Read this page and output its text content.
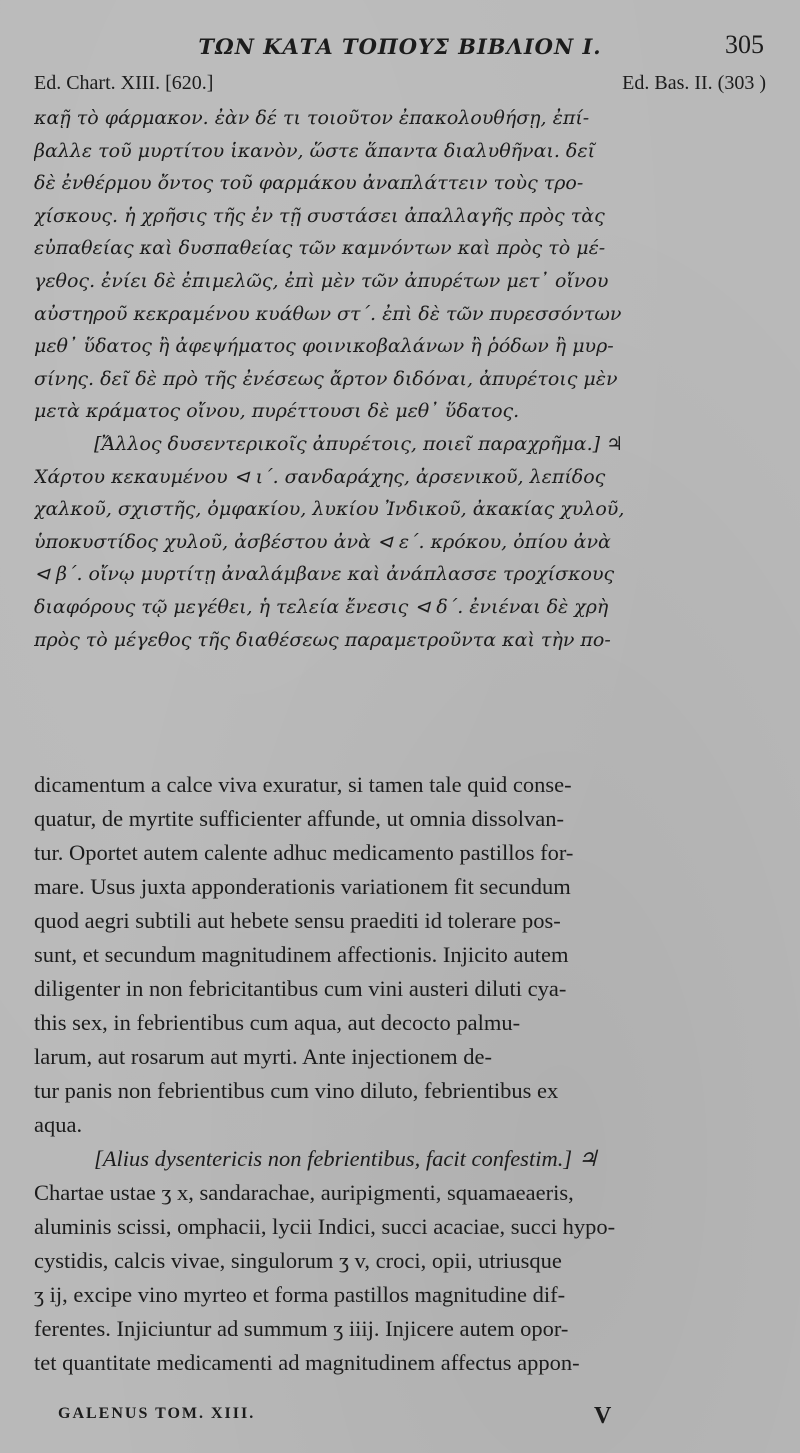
ΤΩΝ ΚΑΤΑ ΤΟΠΟΥΣ ΒΙΒΛΙΟΝ Ι.	305
Ed. Chart. XIII. [620.]	Ed. Bas. II. (303 )
καῇ τὸ φάρμακον. ἐὰν δέ τι τοιοῦτον ἐπακολουθήσῃ, ἐπί-
βαλλε τοῦ μυρτίτου ἱκανὸν, ὥστε ἅπαντα διαλυθῆναι. δεῖ
δὲ ἐνθέρμου ὄντος τοῦ φαρμάκου ἀναπλάττειν τοὺς τρο-
χίσκους. ἡ χρῆσις τῆς ἐν τῇ συστάσει ἀπαλλαγῆς πρὸς τὰς
εὐπαθείας καὶ δυσπαθείας τῶν καμνόντων καὶ πρὸς τὸ μέ-
γεθος. ἐνίει δὲ ἐπιμελῶς, ἐπὶ μὲν τῶν ἀπυρέτων μετ᾽ οἴνου
αὐστηροῦ κεκραμένου κυάθων στ΄. ἐπὶ δὲ τῶν πυρεσσόντων
μεθ᾽ ὕδατος ἢ ἀφεψήματος φοινικοβαλάνων ἢ ῥόδων ἢ μυρ-
σίνης. δεῖ δὲ πρὸ τῆς ἐνέσεως ἄρτον διδόναι, ἀπυρέτοις μὲν
μετὰ κράματος οἴνου, πυρέττουσι δὲ μεθ᾽ ὕδατος.
[Ἄλλος δυσεντερικοῖς ἀπυρέτοις, ποιεῖ παραχρῆμα.] ♃
Χάρτου κεκαυμένου ⊲ ι΄. σανδαράχης, ἀρσενικοῦ, λεπίδος
χαλκοῦ, σχιστῆς, ὀμφακίου, λυκίου Ἰνδικοῦ, ἀκακίας χυλοῦ,
ὑποκυστίδος χυλοῦ, ἀσβέστου ἀνὰ ⊲ ε΄. κρόκου, ὀπίου ἀνὰ
⊲ β΄. οἴνῳ μυρτίτῃ ἀναλάμβανε καὶ ἀνάπλασσε τροχίσκους
διαφόρους τῷ μεγέθει, ἡ τελεία ἔνεσις ⊲ δ΄. ἐνιέναι δὲ χρὴ
πρὸς τὸ μέγεθος τῆς διαθέσεως παραμετροῦντα καὶ τὴν πο-
dicamentum a calce viva exuratur, si tamen tale quid conse-
quatur, de myrtite sufficienter affunde, ut omnia dissolvan-
tur. Oportet autem calente adhuc medicamento pastillos for-
mare. Usus juxta apponderationis variationem fit secundum
quod aegri subtili aut hebete sensu praediti id tolerare pos-
sunt, et secundum magnitudinem affectionis. Injicito autem
diligenter in non febricitantibus cum vini austeri diluti cya-
this sex, in febrientibus cum aqua, aut decocto palmu-
larum, aut rosarum aut myrti. Ante injectionem de-
tur panis non febrientibus cum vino diluto, febrientibus ex
aqua.
[Alius dysentericis non febrientibus, facit confestim.] ♃
Chartae ustae ʒ x, sandarachae, auripigmenti, squamaeaeris,
aluminis scissi, omphacii, lycii Indici, succi acaciae, succi hypo-
cystidis, calcis vivae, singulorum ʒ v, croci, opii, utriusque
ʒ ij, excipe vino myrteo et forma pastillos magnitudine dif-
ferentes. Injiciuntur ad summum ʒ iiij. Injicere autem opor-
tet quantitate medicamenti ad magnitudinem affectus appon-
GALENUS TOM. XIII.	V
